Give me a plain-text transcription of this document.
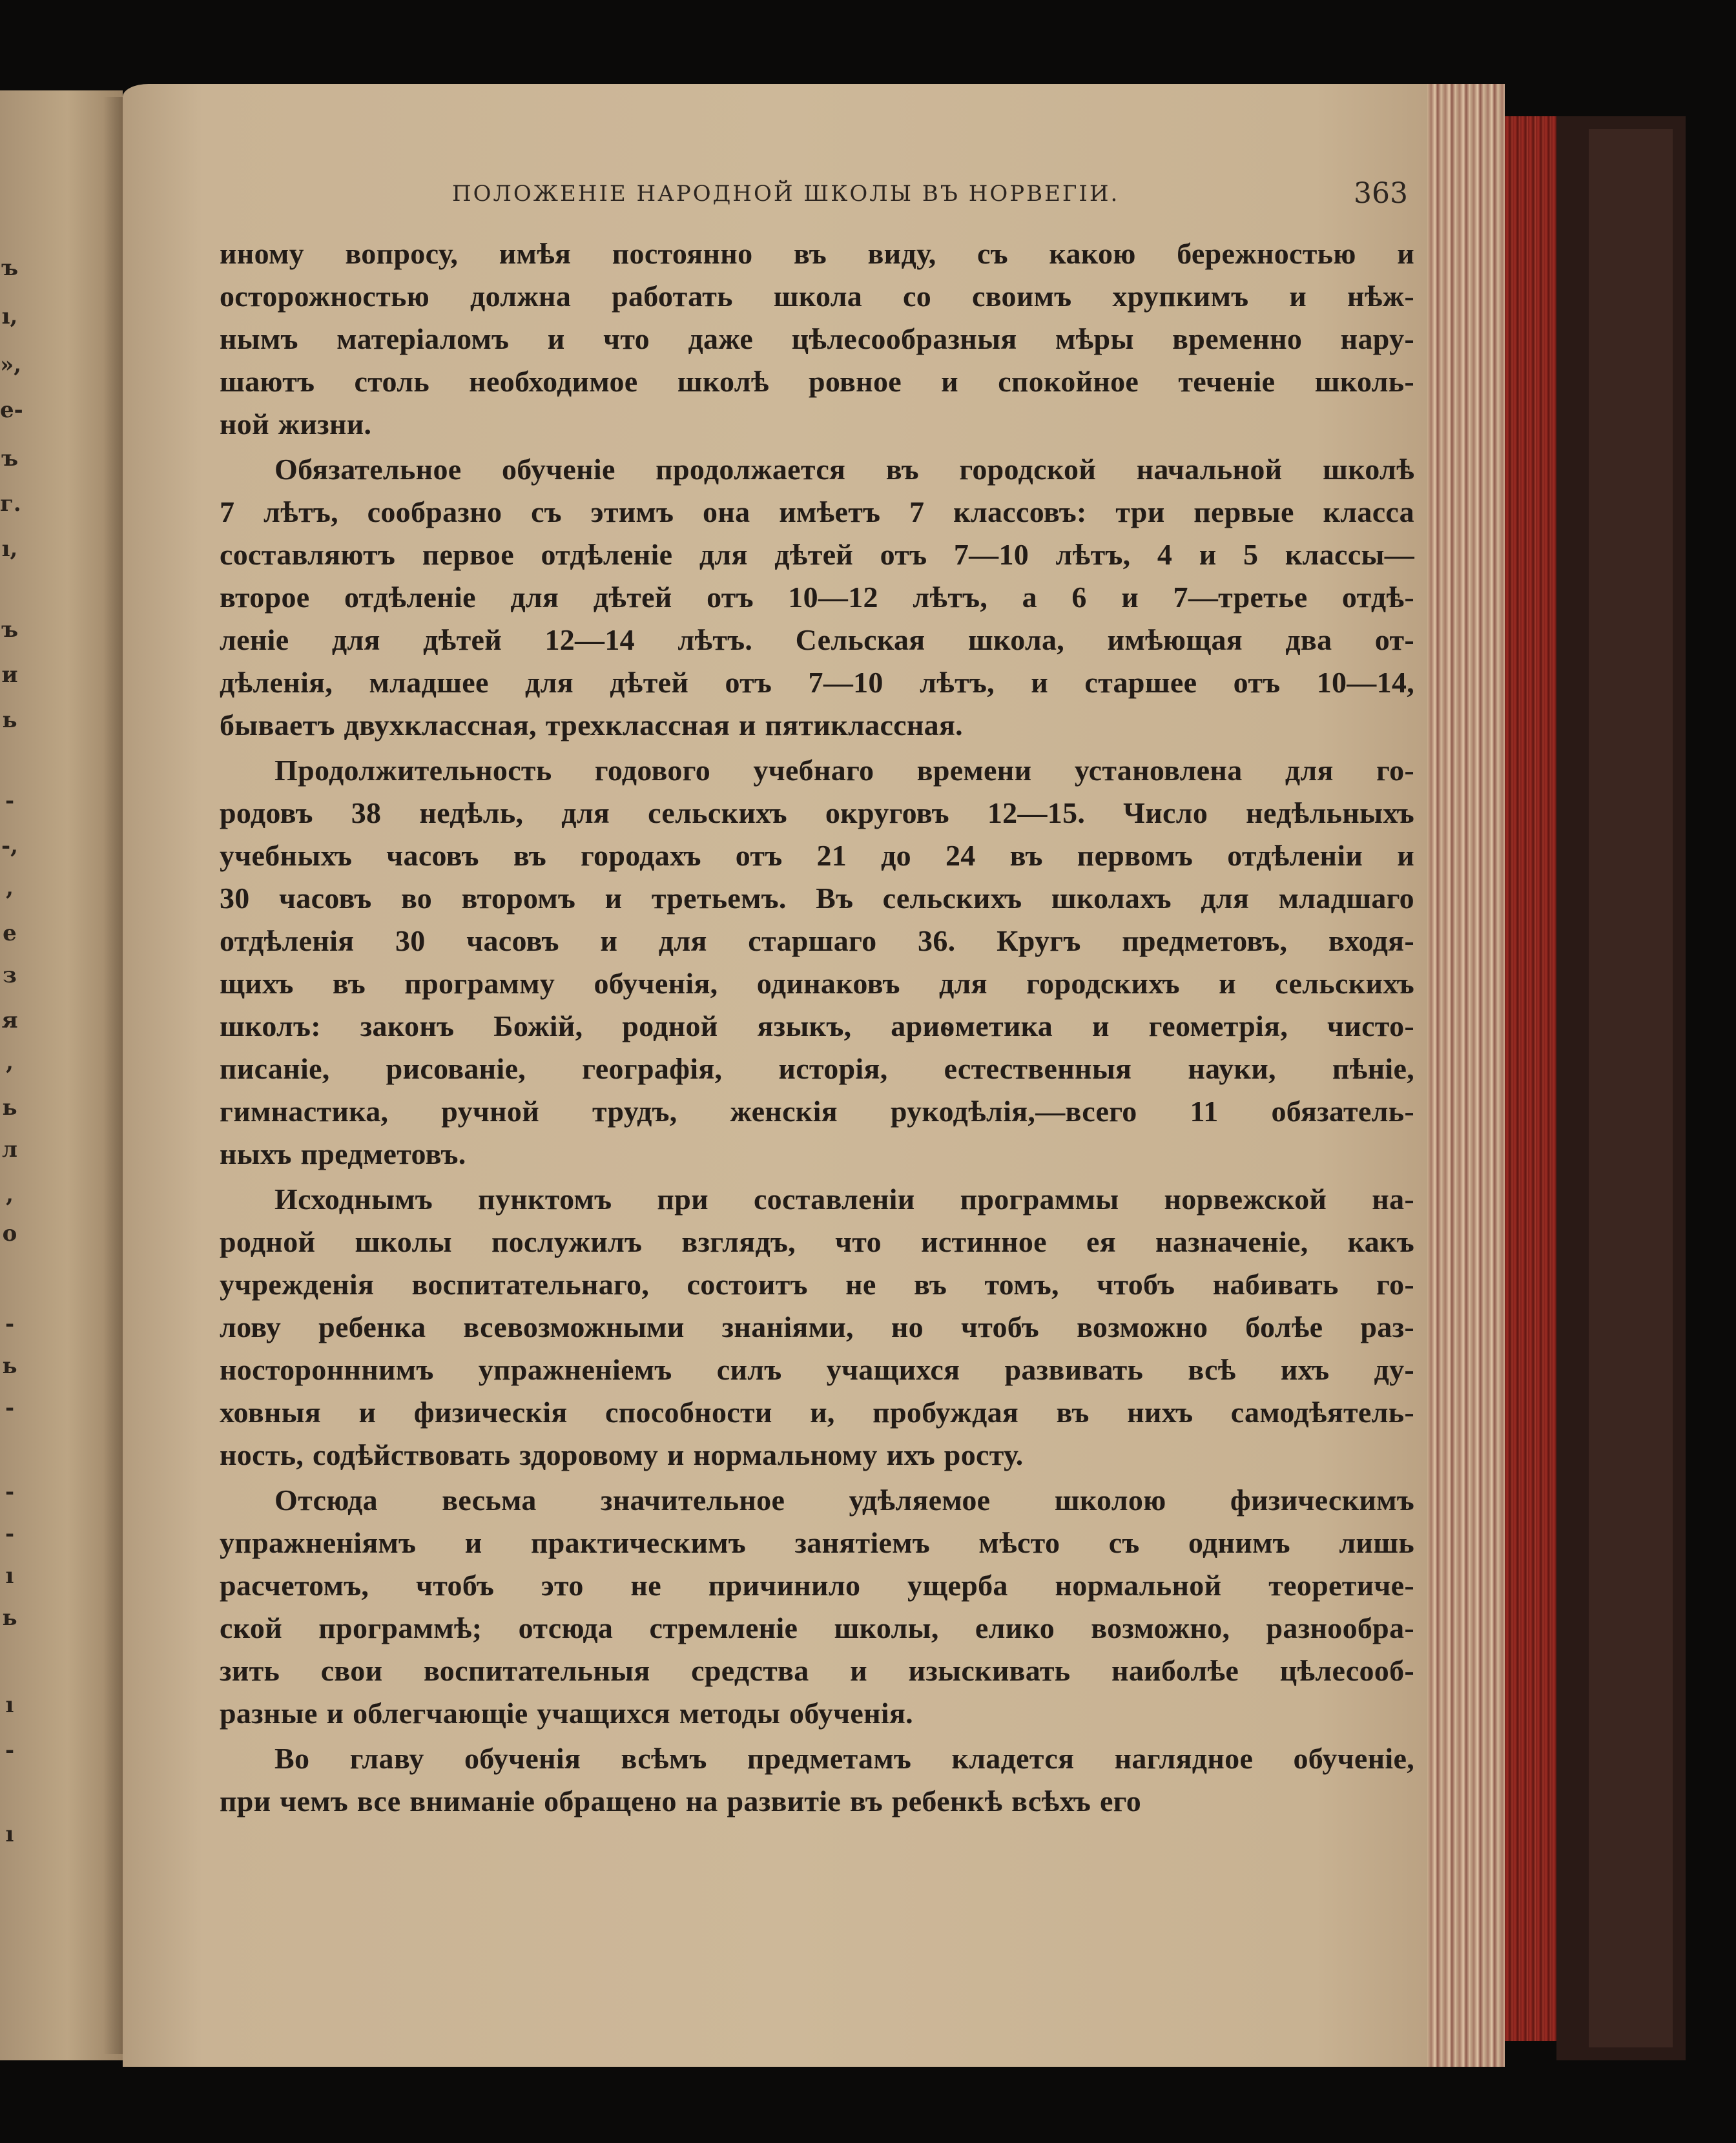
ъ
ı,
»,
е-
ъ
г.
ı,
ъ
и
ь
-
-,
,
е
з
я
,
ь
л
,
о
-
ь
-
-
-
ı
ь
ı
-
ı
ПОЛОЖЕНІЕ НАРОДНОЙ ШКОЛЫ ВЪ НОРВЕГІИ.	363
иному вопросу, имѣя постоянно въ виду, съ какою бережностью и
осторожностью должна работать школа со своимъ хрупкимъ и нѣж-
нымъ матеріаломъ и что даже цѣлесообразныя мѣры временно нару-
шаютъ столь необходимое школѣ ровное и спокойное теченіе школь-
ной жизни.
Обязательное обученіе продолжается въ городской начальной школѣ
7 лѣтъ, сообразно съ этимъ она имѣетъ 7 классовъ: три первые класса
составляютъ первое отдѣленіе для дѣтей отъ 7—10 лѣтъ, 4 и 5 классы—
второе отдѣленіе для дѣтей отъ 10—12 лѣтъ, а 6 и 7—третье отдѣ-
леніе для дѣтей 12—14 лѣтъ. Сельская школа, имѣющая два от-
дѣленія, младшее для дѣтей отъ 7—10 лѣтъ, и старшее отъ 10—14,
бываетъ двухклассная, трехклассная и пятиклассная.
Продолжительность годового учебнаго времени установлена для го-
родовъ 38 недѣль, для сельскихъ округовъ 12—15. Число недѣльныхъ
учебныхъ часовъ въ городахъ отъ 21 до 24 въ первомъ отдѣленіи и
30 часовъ во второмъ и третьемъ. Въ сельскихъ школахъ для младшаго
отдѣленія 30 часовъ и для старшаго 36. Кругъ предметовъ, входя-
щихъ въ программу обученія, одинаковъ для городскихъ и сельскихъ
школъ: законъ Божій, родной языкъ, ариѳметика и геометрія, чисто-
писаніе, рисованіе, географія, исторія, естественныя науки, пѣніе,
гимнастика, ручной трудъ, женскія рукодѣлія,—всего 11 обязатель-
ныхъ предметовъ.
Исходнымъ пунктомъ при составленіи программы норвежской на-
родной школы послужилъ взглядъ, что истинное ея назначеніе, какъ
учрежденія воспитательнаго, состоитъ не въ томъ, чтобъ набивать го-
лову ребенка всевозможными знаніями, но чтобъ возможно болѣе раз-
носторонннимъ упражненіемъ силъ учащихся развивать всѣ ихъ ду-
ховныя и физическія способности и, пробуждая въ нихъ самодѣятель-
ность, содѣйствовать здоровому и нормальному ихъ росту.
Отсюда весьма значительное удѣляемое школою физическимъ
упражненіямъ и практическимъ занятіемъ мѣсто съ однимъ лишь
расчетомъ, чтобъ это не причинило ущерба нормальной теоретиче-
ской программѣ; отсюда стремленіе школы, елико возможно, разнообра-
зить свои воспитательныя средства и изыскивать наиболѣе цѣлесооб-
разные и облегчающіе учащихся методы обученія.
Во главу обученія всѣмъ предметамъ кладется наглядное обученіе,
при чемъ все вниманіе обращено на развитіе въ ребенкѣ всѣхъ его
